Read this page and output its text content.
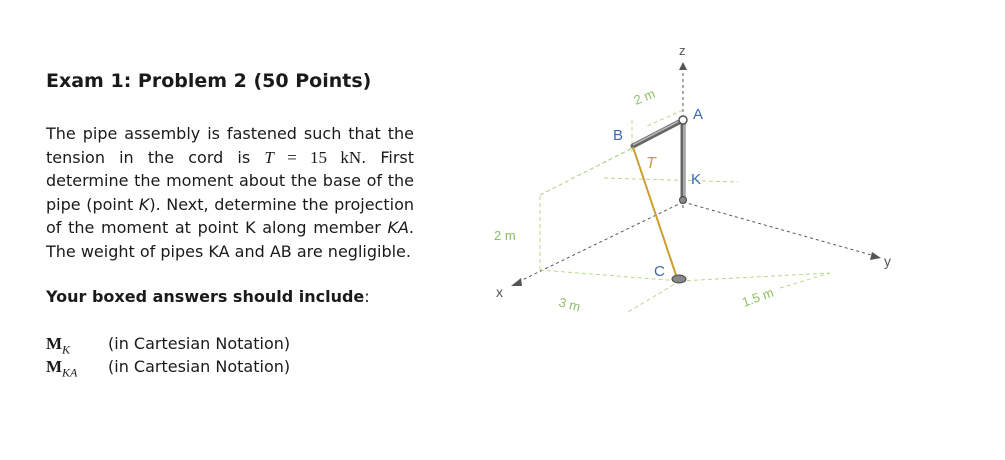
Exam 1: Problem 2 (50 Points)
The pipe assembly is fastened such that the tension in the cord is T = 15 kN. First determine the moment about the base of the pipe (point K). Next, determine the projection of the moment at point K along member KA. The weight of pipes KA and AB are negligible.
Your boxed answers should include:
$M_K$ (in Cartesian Notation)
$M_{KA}$ (in Cartesian Notation)
z
y
x
A
B
C
K
T
2 m
2 m
3 m	1.5 m
